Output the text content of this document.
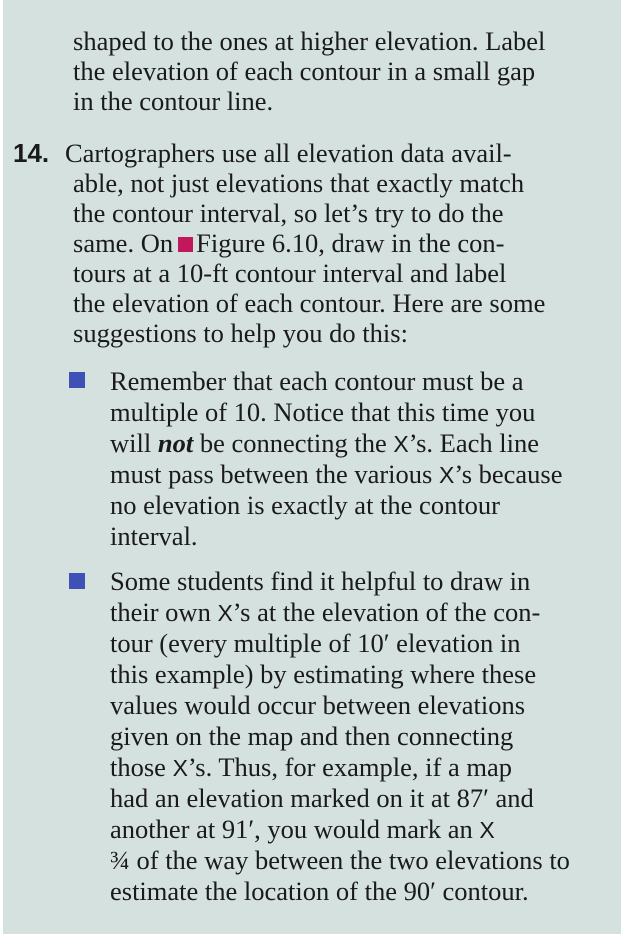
shaped to the ones at higher elevation. Label
the elevation of each contour in a small gap
in the contour line.
14. Cartographers use all elevation data avail-
able, not just elevations that exactly match
the contour interval, so let’s try to do the
same. On Figure 6.10, draw in the con-
tours at a 10-ft contour interval and label
the elevation of each contour. Here are some
suggestions to help you do this:
Remember that each contour must be a
multiple of 10. Notice that this time you
will not be connecting the X’s. Each line
must pass between the various X’s because
no elevation is exactly at the contour
interval.
Some students find it helpful to draw in
their own X’s at the elevation of the con-
tour (every multiple of 10′ elevation in
this example) by estimating where these
values would occur between elevations
given on the map and then connecting
those X’s. Thus, for example, if a map
had an elevation marked on it at 87′ and
another at 91′, you would mark an X
¾ of the way between the two elevations to
estimate the location of the 90′ contour.
